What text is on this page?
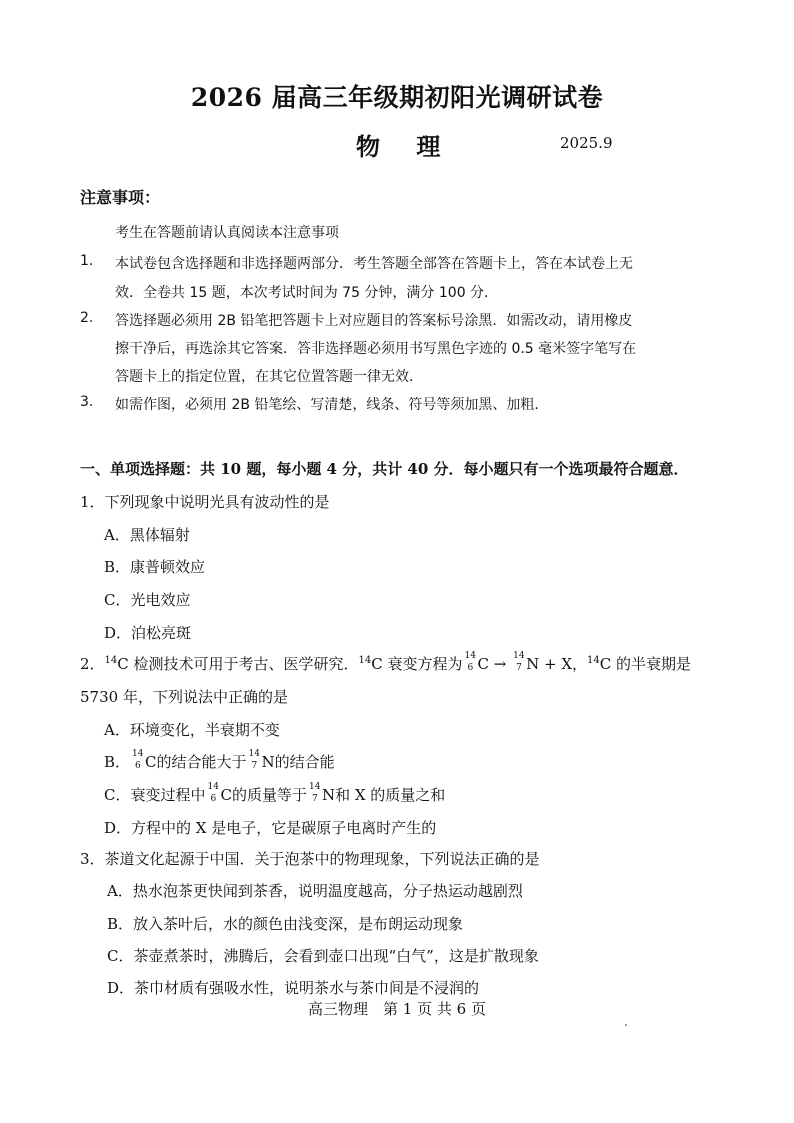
2026 届高三年级期初阳光调研试卷
物 理	2025.9
注意事项：
考生在答题前请认真阅读本注意事项
1. 本试卷包含选择题和非选择题两部分．考生答题全部答在答题卡上，答在本试卷上无
效．全卷共 15 题，本次考试时间为 75 分钟，满分 100 分．
2. 答选择题必须用 2B 铅笔把答题卡上对应题目的答案标号涂黑．如需改动，请用橡皮
擦干净后，再选涂其它答案．答非选择题必须用书写黑色字迹的 0.5 毫米签字笔写在
答题卡上的指定位置，在其它位置答题一律无效．
3. 如需作图，必须用 2B 铅笔绘、写清楚，线条、符号等须加黑、加粗．
一、单项选择题：共 10 题，每小题 4 分，共计 40 分．每小题只有一个选项最符合题意．
1．下列现象中说明光具有波动性的是
A．黑体辐射
B．康普顿效应
C．光电效应
D．泊松亮斑
2．$^{14}$C 检测技术可用于考古、医学研究．$^{14}$C 衰变方程为 14
6 C → 14
7 N + X，$^{14}$C 的半衰期是
5730 年，下列说法中正确的是
A．环境变化，半衰期不变
B． 14
6 C的结合能大于 14
7 N的结合能
C．衰变过程中 14
6 C的质量等于 14
7 N和 X 的质量之和
D．方程中的 X 是电子，它是碳原子电离时产生的
3．茶道文化起源于中国．关于泡茶中的物理现象，下列说法正确的是
A．热水泡茶更快闻到茶香，说明温度越高，分子热运动越剧烈
B．放入茶叶后，水的颜色由浅变深，是布朗运动现象
C．茶壶煮茶时，沸腾后，会看到壶口出现“白气”，这是扩散现象
D．茶巾材质有强吸水性，说明茶水与茶巾间是不浸润的
高三物理　第 1 页 共 6 页
